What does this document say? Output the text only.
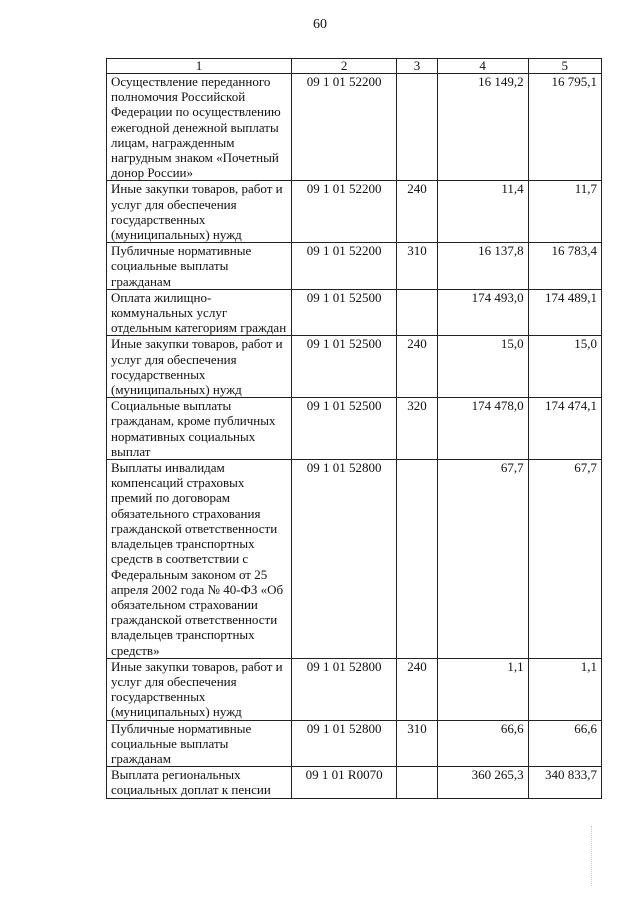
60
1	2	3	4	5
Осуществление переданного полномочия Российской Федерации по осуществлению ежегодной денежной выплаты лицам, награжденным нагрудным знаком «Почетный донор России»	09 1 01 52200		16 149,2	16 795,1
Иные закупки товаров, работ и услуг для обеспечения государственных (муниципальных) нужд	09 1 01 52200	240	11,4	11,7
Публичные нормативные социальные выплаты гражданам	09 1 01 52200	310	16 137,8	16 783,4
Оплата жилищно-коммунальных услуг отдельным категориям граждан	09 1 01 52500		174 493,0	174 489,1
Иные закупки товаров, работ и услуг для обеспечения государственных (муниципальных) нужд	09 1 01 52500	240	15,0	15,0
Социальные выплаты гражданам, кроме публичных нормативных социальных выплат	09 1 01 52500	320	174 478,0	174 474,1
Выплаты инвалидам компенсаций страховых премий по договорам обязательного страхования гражданской ответственности владельцев транспортных средств в соответствии с Федеральным законом от 25 апреля 2002 года № 40-ФЗ «Об обязательном страховании гражданской ответственности владельцев транспортных средств»	09 1 01 52800		67,7	67,7
Иные закупки товаров, работ и услуг для обеспечения государственных (муниципальных) нужд	09 1 01 52800	240	1,1	1,1
Публичные нормативные социальные выплаты гражданам	09 1 01 52800	310	66,6	66,6
Выплата региональных социальных доплат к пенсии	09 1 01 R0070		360 265,3	340 833,7
